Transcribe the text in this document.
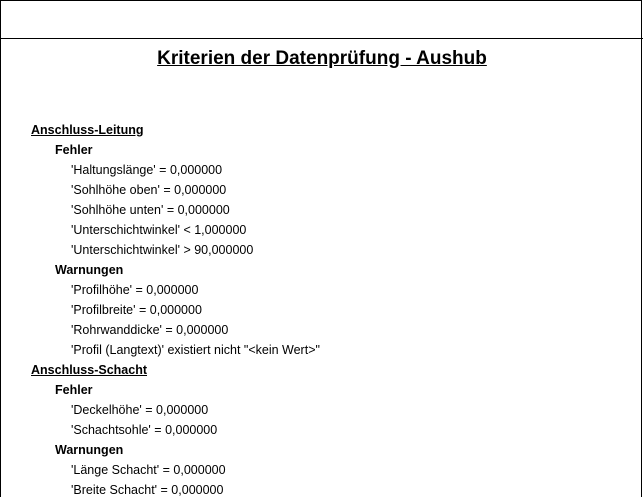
Kriterien der Datenprüfung - Aushub
Anschluss-Leitung
Fehler
'Haltungslänge' = 0,000000
'Sohlhöhe oben' = 0,000000
'Sohlhöhe unten' = 0,000000
'Unterschichtwinkel' < 1,000000
'Unterschichtwinkel' > 90,000000
Warnungen
'Profilhöhe' = 0,000000
'Profilbreite' = 0,000000
'Rohrwanddicke' = 0,000000
'Profil (Langtext)' existiert nicht "<kein Wert>"
Anschluss-Schacht
Fehler
'Deckelhöhe' = 0,000000
'Schachtsohle' = 0,000000
Warnungen
'Länge Schacht' = 0,000000
'Breite Schacht' = 0,000000
